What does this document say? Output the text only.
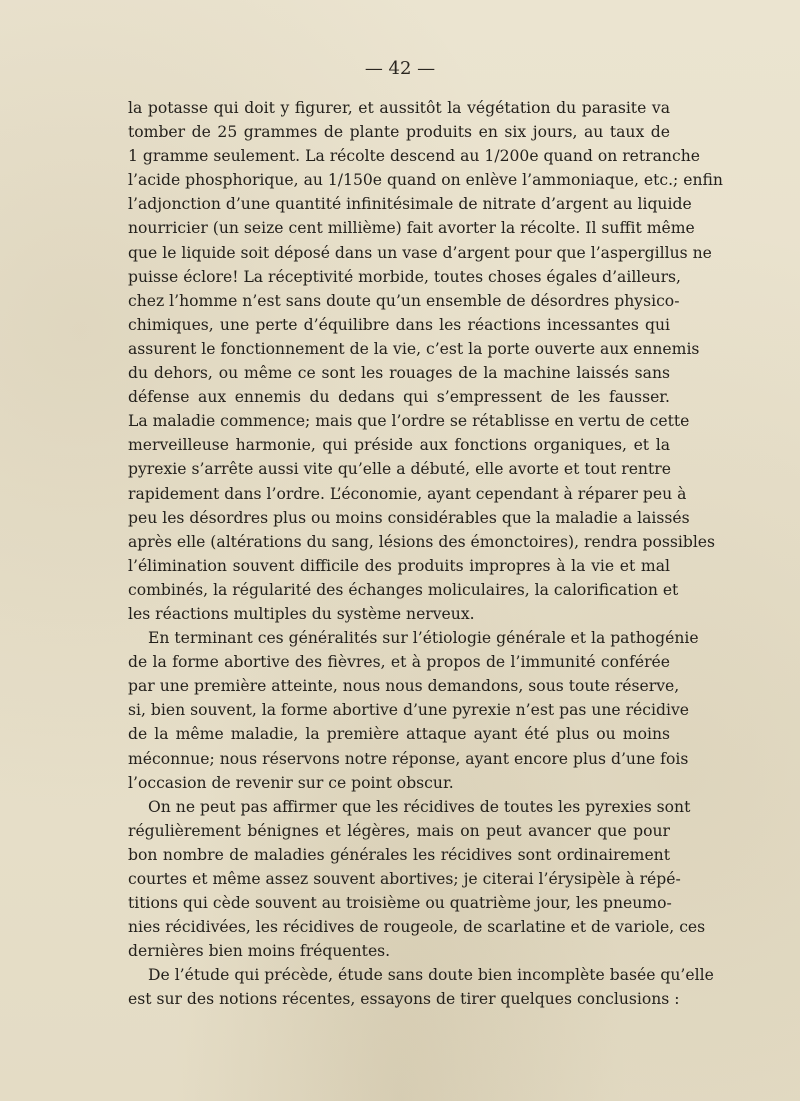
— 42 —
la potasse qui doit y figurer, et aussitôt la végétation du parasite va
tomber de 25 grammes de plante produits en six jours, au taux de
1 gramme seulement. La récolte descend au 1/200e quand on retranche
l’acide phosphorique, au 1/150e quand on enlève l’ammoniaque, etc.; enfin
l’adjonction d’une quantité infinitésimale de nitrate d’argent au liquide
nourricier (un seize cent millième) fait avorter la récolte. Il suffit même
que le liquide soit déposé dans un vase d’argent pour que l’aspergillus ne
puisse éclore! La réceptivité morbide, toutes choses égales d’ailleurs,
chez l’homme n’est sans doute qu’un ensemble de désordres physico-
chimiques, une perte d’équilibre dans les réactions incessantes qui
assurent le fonctionnement de la vie, c’est la porte ouverte aux ennemis
du dehors, ou même ce sont les rouages de la machine laissés sans
défense aux ennemis du dedans qui s’empressent de les fausser.
La maladie commence; mais que l’ordre se rétablisse en vertu de cette
merveilleuse harmonie, qui préside aux fonctions organiques, et la
pyrexie s’arrête aussi vite qu’elle a débuté, elle avorte et tout rentre
rapidement dans l’ordre. L’économie, ayant cependant à réparer peu à
peu les désordres plus ou moins considérables que la maladie a laissés
après elle (altérations du sang, lésions des émonctoires), rendra possibles
l’élimination souvent difficile des produits impropres à la vie et mal
combinés, la régularité des échanges moliculaires, la calorification et
les réactions multiples du système nerveux.
En terminant ces généralités sur l’étiologie générale et la pathogénie
de la forme abortive des fièvres, et à propos de l’immunité conférée
par une première atteinte, nous nous demandons, sous toute réserve,
si, bien souvent, la forme abortive d’une pyrexie n’est pas une récidive
de la même maladie, la première attaque ayant été plus ou moins
méconnue; nous réservons notre réponse, ayant encore plus d’une fois
l’occasion de revenir sur ce point obscur.
On ne peut pas affirmer que les récidives de toutes les pyrexies sont
régulièrement bénignes et légères, mais on peut avancer que pour
bon nombre de maladies générales les récidives sont ordinairement
courtes et même assez souvent abortives; je citerai l’érysipèle à répé-
titions qui cède souvent au troisième ou quatrième jour, les pneumo-
nies récidivées, les récidives de rougeole, de scarlatine et de variole, ces
dernières bien moins fréquentes.
De l’étude qui précède, étude sans doute bien incomplète basée qu’elle
est sur des notions récentes, essayons de tirer quelques conclusions :
